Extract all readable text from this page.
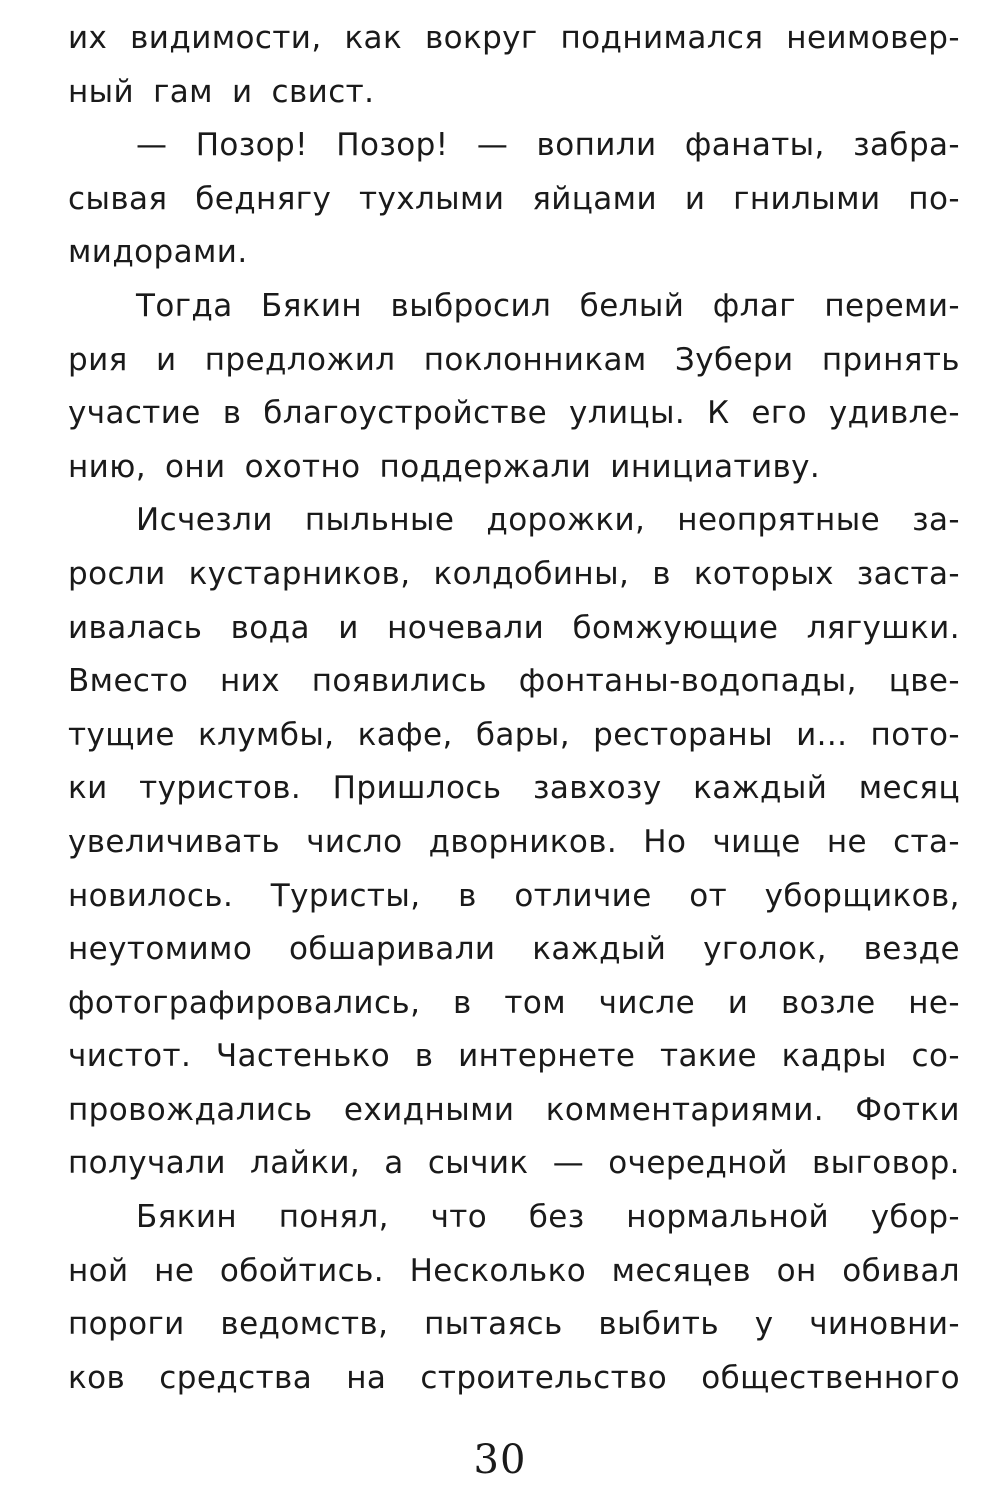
их видимости, как вокруг поднимался неимовер-
ный гам и свист.
— Позор! Позор! — вопили фанаты, забра-
сывая беднягу тухлыми яйцами и гнилыми по-
мидорами.
Тогда Бякин выбросил белый флаг переми-
рия и предложил поклонникам Зубери принять
участие в благоустройстве улицы. К его удивле-
нию, они охотно поддержали инициативу.
Исчезли пыльные дорожки, неопрятные за-
росли кустарников, колдобины, в которых заста-
ивалась вода и ночевали бомжующие лягушки.
Вместо них появились фонтаны-водопады, цве-
тущие клумбы, кафе, бары, рестораны и... пото-
ки туристов. Пришлось завхозу каждый месяц
увеличивать число дворников. Но чище не ста-
новилось. Туристы, в отличие от уборщиков,
неутомимо обшаривали каждый уголок, везде
фотографировались, в том числе и возле не-
чистот. Частенько в интернете такие кадры со-
провождались ехидными комментариями. Фотки
получали лайки, а сычик — очередной выговор.
Бякин понял, что без нормальной убор-
ной не обойтись. Несколько месяцев он обивал
пороги ведомств, пытаясь выбить у чиновни-
ков средства на строительство общественного
30
